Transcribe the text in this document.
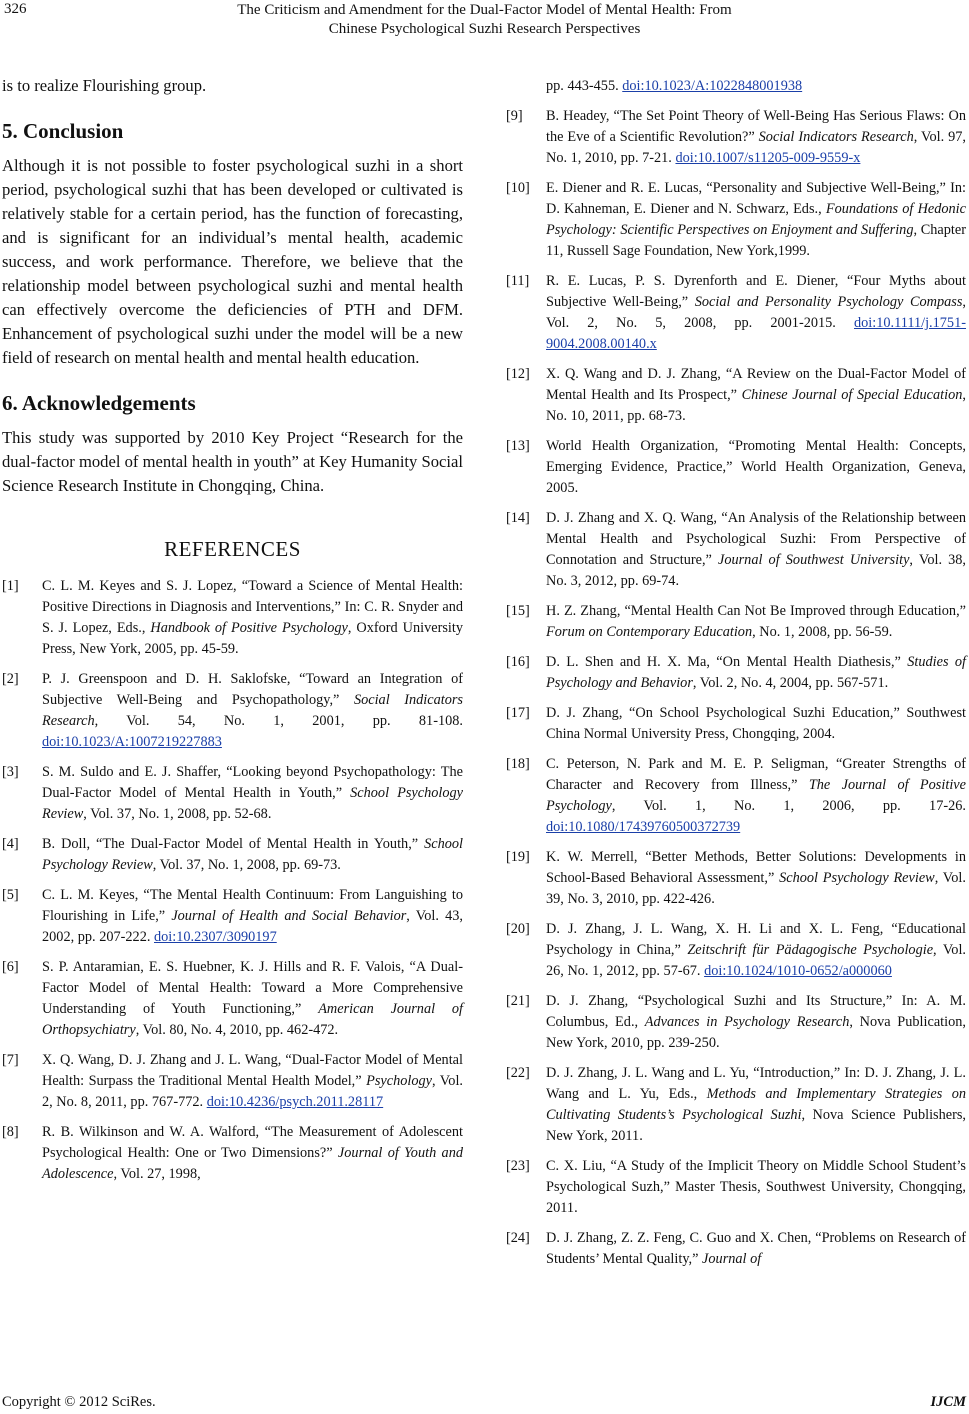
326	The Criticism and Amendment for the Dual-Factor Model of Mental Health: From
Chinese Psychological Suzhi Research Perspectives

is to realize Flourishing group.

5. Conclusion

Although it is not possible to foster psychological suzhi in a short period, psychological suzhi that has been developed or cultivated is relatively stable for a certain period, has the function of forecasting, and is significant for an individual’s mental health, academic success, and work performance. Therefore, we believe that the relationship model between psychological suzhi and mental health can effectively overcome the deficiencies of PTH and DFM. Enhancement of psychological suzhi under the model will be a new field of research on mental health and mental health education.

6. Acknowledgements

This study was supported by 2010 Key Project “Research for the dual-factor model of mental health in youth” at Key Humanity Social Science Research Institute in Chongqing, China.

REFERENCES
[1]	C. L. M. Keyes and S. J. Lopez, “Toward a Science of Mental Health: Positive Directions in Diagnosis and Interventions,” In: C. R. Snyder and S. J. Lopez, Eds., Handbook of Positive Psychology, Oxford University Press, New York, 2005, pp. 45-59.
[2]	P. J. Greenspoon and D. H. Saklofske, “Toward an Integration of Subjective Well-Being and Psychopathology,” Social Indicators Research, Vol. 54, No. 1, 2001, pp. 81-108. doi:10.1023/A:1007219227883
[3]	S. M. Suldo and E. J. Shaffer, “Looking beyond Psychopathology: The Dual-Factor Model of Mental Health in Youth,” School Psychology Review, Vol. 37, No. 1, 2008, pp. 52-68.
[4]	B. Doll, “The Dual-Factor Model of Mental Health in Youth,” School Psychology Review, Vol. 37, No. 1, 2008, pp. 69-73.
[5]	C. L. M. Keyes, “The Mental Health Continuum: From Languishing to Flourishing in Life,” Journal of Health and Social Behavior, Vol. 43, 2002, pp. 207-222. doi:10.2307/3090197
[6]	S. P. Antaramian, E. S. Huebner, K. J. Hills and R. F. Valois, “A Dual-Factor Model of Mental Health: Toward a More Comprehensive Understanding of Youth Functioning,” American Journal of Orthopsychiatry, Vol. 80, No. 4, 2010, pp. 462-472.
[7]	X. Q. Wang, D. J. Zhang and J. L. Wang, “Dual-Factor Model of Mental Health: Surpass the Traditional Mental Health Model,” Psychology, Vol. 2, No. 8, 2011, pp. 767-772. doi:10.4236/psych.2011.28117
[8]	R. B. Wilkinson and W. A. Walford, “The Measurement of Adolescent Psychological Health: One or Two Dimensions?” Journal of Youth and Adolescence, Vol. 27, 1998,
pp. 443-455. doi:10.1023/A:1022848001938
[9]	B. Headey, “The Set Point Theory of Well-Being Has Serious Flaws: On the Eve of a Scientific Revolution?” Social Indicators Research, Vol. 97, No. 1, 2010, pp. 7-21. doi:10.1007/s11205-009-9559-x
[10]	E. Diener and R. E. Lucas, “Personality and Subjective Well-Being,” In: D. Kahneman, E. Diener and N. Schwarz, Eds., Foundations of Hedonic Psychology: Scientific Perspectives on Enjoyment and Suffering, Chapter 11, Russell Sage Foundation, New York,1999.
[11]	R. E. Lucas, P. S. Dyrenforth and E. Diener, “Four Myths about Subjective Well-Being,” Social and Personality Psychology Compass, Vol. 2, No. 5, 2008, pp. 2001-2015. doi:10.1111/j.1751-9004.2008.00140.x
[12]	X. Q. Wang and D. J. Zhang, “A Review on the Dual-Factor Model of Mental Health and Its Prospect,” Chinese Journal of Special Education, No. 10, 2011, pp. 68-73.
[13]	World Health Organization, “Promoting Mental Health: Concepts, Emerging Evidence, Practice,” World Health Organization, Geneva, 2005.
[14]	D. J. Zhang and X. Q. Wang, “An Analysis of the Relationship between Mental Health and Psychological Suzhi: From Perspective of Connotation and Structure,” Journal of Southwest University, Vol. 38, No. 3, 2012, pp. 69-74.
[15]	H. Z. Zhang, “Mental Health Can Not Be Improved through Education,” Forum on Contemporary Education, No. 1, 2008, pp. 56-59.
[16]	D. L. Shen and H. X. Ma, “On Mental Health Diathesis,” Studies of Psychology and Behavior, Vol. 2, No. 4, 2004, pp. 567-571.
[17]	D. J. Zhang, “On School Psychological Suzhi Education,” Southwest China Normal University Press, Chongqing, 2004.
[18]	C. Peterson, N. Park and M. E. P. Seligman, “Greater Strengths of Character and Recovery from Illness,” The Journal of Positive Psychology, Vol. 1, No. 1, 2006, pp. 17-26. doi:10.1080/17439760500372739
[19]	K. W. Merrell, “Better Methods, Better Solutions: Developments in School-Based Behavioral Assessment,” School Psychology Review, Vol. 39, No. 3, 2010, pp. 422-426.
[20]	D. J. Zhang, J. L. Wang, X. H. Li and X. L. Feng, “Educational Psychology in China,” Zeitschrift für Pädagogische Psychologie, Vol. 26, No. 1, 2012, pp. 57-67. doi:10.1024/1010-0652/a000060
[21]	D. J. Zhang, “Psychological Suzhi and Its Structure,” In: A. M. Columbus, Ed., Advances in Psychology Research, Nova Publication, New York, 2010, pp. 239-250.
[22]	D. J. Zhang, J. L. Wang and L. Yu, “Introduction,” In: D. J. Zhang, J. L. Wang and L. Yu, Eds., Methods and Implementary Strategies on Cultivating Students’s Psychological Suzhi, Nova Science Publishers, New York, 2011.
[23]	C. X. Liu, “A Study of the Implicit Theory on Middle School Student’s Psychological Suzh,” Master Thesis, Southwest University, Chongqing, 2011.
[24]	D. J. Zhang, Z. Z. Feng, C. Guo and X. Chen, “Problems on Research of Students’ Mental Quality,” Journal of
Copyright © 2012 SciRes.	IJCM
